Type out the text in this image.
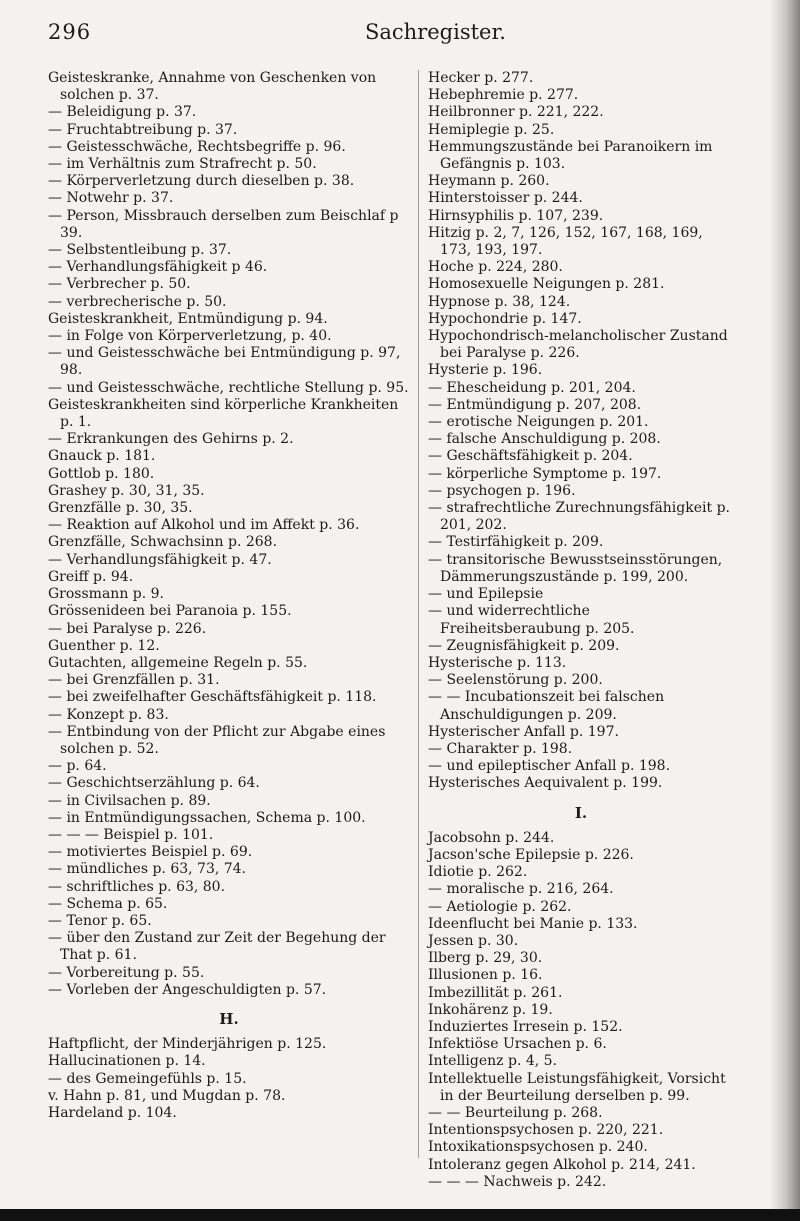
296	Sachregister.
Geisteskranke, Annahme von Geschenken von solchen p. 37.
— Beleidigung p. 37.
— Fruchtabtreibung p. 37.
— Geistesschwäche, Rechtsbegriffe p. 96.
— im Verhältnis zum Strafrecht p. 50.
— Körperverletzung durch dieselben p. 38.
— Notwehr p. 37.
— Person, Missbrauch derselben zum Beischlaf p 39.
— Selbstentleibung p. 37.
— Verhandlungsfähigkeit p 46.
— Verbrecher p. 50.
— verbrecherische p. 50.
Geisteskrankheit, Entmündigung p. 94.
— in Folge von Körperverletzung, p. 40.
— und Geistesschwäche bei Entmündigung p. 97, 98.
— und Geistesschwäche, rechtliche Stellung p. 95.
Geisteskrankheiten sind körperliche Krankheiten p. 1.
— Erkrankungen des Gehirns p. 2.
Gnauck p. 181.
Gottlob p. 180.
Grashey p. 30, 31, 35.
Grenzfälle p. 30, 35.
— Reaktion auf Alkohol und im Affekt p. 36.
Grenzfälle, Schwachsinn p. 268.
— Verhandlungsfähigkeit p. 47.
Greiff p. 94.
Grossmann p. 9.
Grössenideen bei Paranoia p. 155.
— bei Paralyse p. 226.
Guenther p. 12.
Gutachten, allgemeine Regeln p. 55.
— bei Grenzfällen p. 31.
— bei zweifelhafter Geschäftsfähigkeit p. 118.
— Konzept p. 83.
— Entbindung von der Pflicht zur Abgabe eines solchen p. 52.
— p. 64.
— Geschichtserzählung p. 64.
— in Civilsachen p. 89.
— in Entmündigungssachen, Schema p. 100.
— — — Beispiel p. 101.
— motiviertes Beispiel p. 69.
— mündliches p. 63, 73, 74.
— schriftliches p. 63, 80.
— Schema p. 65.
— Tenor p. 65.
— über den Zustand zur Zeit der Begehung der That p. 61.
— Vorbereitung p. 55.
— Vorleben der Angeschuldigten p. 57.
H.
Haftpflicht, der Minderjährigen p. 125.
Hallucinationen p. 14.
— des Gemeingefühls p. 15.
v. Hahn p. 81, und Mugdan p. 78.
Hardeland p. 104.
Hecker p. 277.
Hebephremie p. 277.
Heilbronner p. 221, 222.
Hemiplegie p. 25.
Hemmungszustände bei Paranoikern im Gefängnis p. 103.
Heymann p. 260.
Hinterstoisser p. 244.
Hirnsyphilis p. 107, 239.
Hitzig p. 2, 7, 126, 152, 167, 168, 169, 173, 193, 197.
Hoche p. 224, 280.
Homosexuelle Neigungen p. 281.
Hypnose p. 38, 124.
Hypochondrie p. 147.
Hypochondrisch-melancholischer Zustand bei Paralyse p. 226.
Hysterie p. 196.
— Ehescheidung p. 201, 204.
— Entmündigung p. 207, 208.
— erotische Neigungen p. 201.
— falsche Anschuldigung p. 208.
— Geschäftsfähigkeit p. 204.
— körperliche Symptome p. 197.
— psychogen p. 196.
— strafrechtliche Zurechnungsfähigkeit p. 201, 202.
— Testirfähigkeit p. 209.
— transitorische Bewusstseinsstörungen, Dämmerungszustände p. 199, 200.
— und Epilepsie
— und widerrechtliche Freiheitsberaubung p. 205.
— Zeugnisfähigkeit p. 209.
Hysterische p. 113.
— Seelenstörung p. 200.
— — Incubationszeit bei falschen Anschuldigungen p. 209.
Hysterischer Anfall p. 197.
— Charakter p. 198.
— und epileptischer Anfall p. 198.
Hysterisches Aequivalent p. 199.
I.
Jacobsohn p. 244.
Jacson'sche Epilepsie p. 226.
Idiotie p. 262.
— moralische p. 216, 264.
— Aetiologie p. 262.
Ideenflucht bei Manie p. 133.
Jessen p. 30.
Ilberg p. 29, 30.
Illusionen p. 16.
Imbezillität p. 261.
Inkohärenz p. 19.
Induziertes Irresein p. 152.
Infektiöse Ursachen p. 6.
Intelligenz p. 4, 5.
Intellektuelle Leistungsfähigkeit, Vorsicht in der Beurteilung derselben p. 99.
— — Beurteilung p. 268.
Intentionspsychosen p. 220, 221.
Intoxikationspsychosen p. 240.
Intoleranz gegen Alkohol p. 214, 241.
— — — Nachweis p. 242.
